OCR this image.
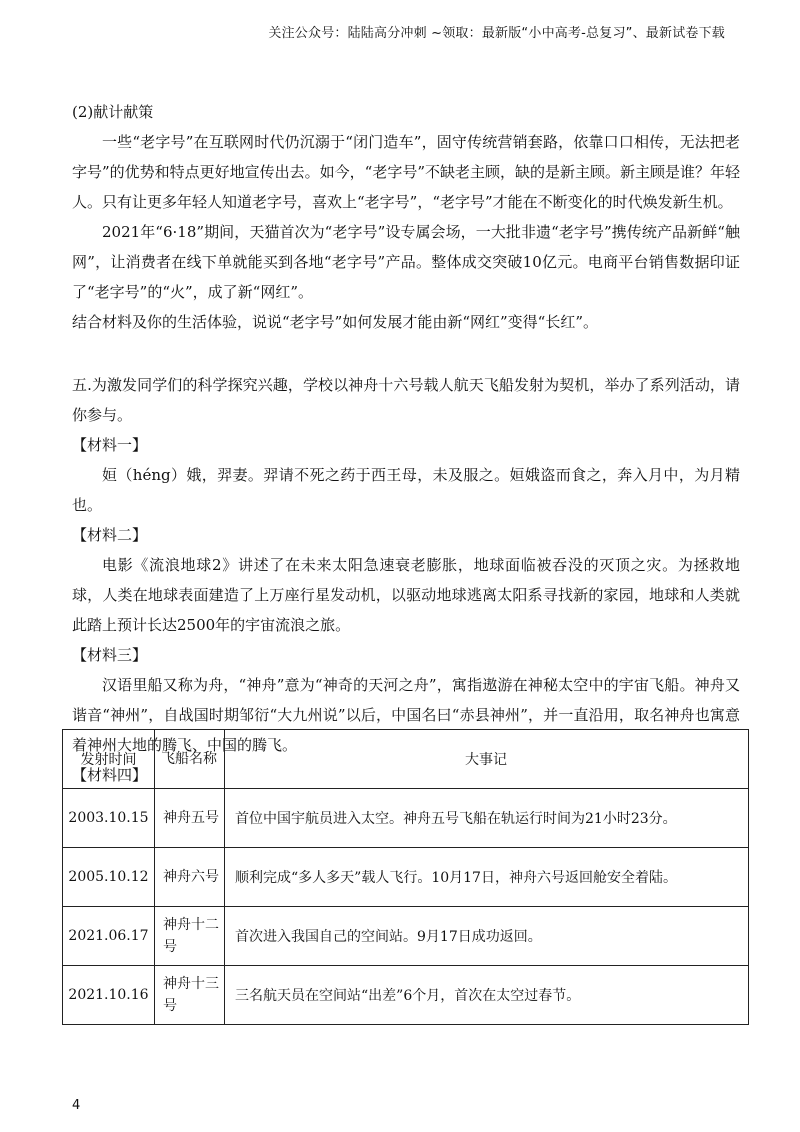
关注公众号：陆陆高分冲刺 ~领取：最新版“小中高考-总复习”、最新试卷下载

(2)献计献策

一些“老字号”在互联网时代仍沉溺于“闭门造车”，固守传统营销套路，依靠口口相传，无法把老字号”的优势和特点更好地宣传出去。如今，“老字号”不缺老主顾，缺的是新主顾。新主顾是谁？年轻人。只有让更多年轻人知道老字号，喜欢上“老字号”，“老字号”才能在不断变化的时代焕发新生机。

2021年“6·18”期间，天猫首次为“老字号”设专属会场，一大批非遗“老字号”携传统产品新鲜“触网”，让消费者在线下单就能买到各地“老字号”产品。整体成交突破10亿元。电商平台销售数据印证了“老字号”的“火”，成了新“网红”。

结合材料及你的生活体验，说说“老字号”如何发展才能由新“网红”变得“长红”。

五.为激发同学们的科学探究兴趣，学校以神舟十六号载人航天飞船发射为契机，举办了系列活动，请你参与。

【材料一】

姮（héng）娥，羿妻。羿请不死之药于西王母，未及服之。姮娥盗而食之，奔入月中，为月精也。

【材料二】

电影《流浪地球2》讲述了在未来太阳急速衰老膨胀，地球面临被吞没的灭顶之灾。为拯救地球，人类在地球表面建造了上万座行星发动机，以驱动地球逃离太阳系寻找新的家园，地球和人类就此踏上预计长达2500年的宇宙流浪之旅。

【材料三】

汉语里船又称为舟，“神舟”意为“神奇的天河之舟”，寓指遨游在神秘太空中的宇宙飞船。神舟又谐音“神州”，自战国时期邹衍“大九州说”以后，中国名曰“赤县神州”，并一直沿用，取名神舟也寓意着神州大地的腾飞、中国的腾飞。

【材料四】

发射时间	飞船名称	大事记
2003.10.15	神舟五号	首位中国宇航员进入太空。神舟五号飞船在轨运行时间为21小时23分。
2005.10.12	神舟六号	顺利完成“多人多天”载人飞行。10月17日，神舟六号返回舱安全着陆。
2021.06.17	神舟十二号	首次进入我国自己的空间站。9月17日成功返回。
2021.10.16	神舟十三号	三名航天员在空间站“出差”6个月，首次在太空过春节。
4
